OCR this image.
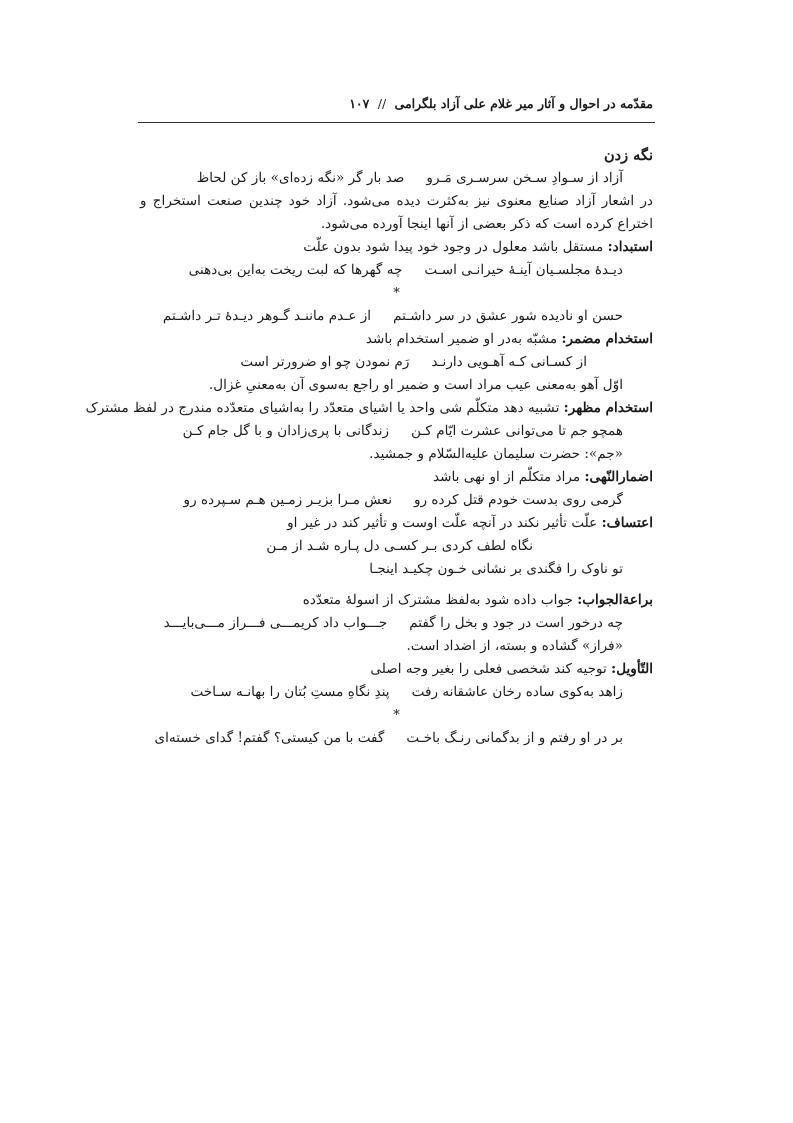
مقدّمه در احوال و آثار میر غلام علی آزاد بلگرامی // ۱۰۷
نگه زدن
آزاد از سـوادِ سـخن سرسـری مَـروصد بار گر «نگه زده‌ای» باز کن لحاظ
در اشعار آزاد صنایع معنوی نیز به‌کثرت دیده می‌شود. آزاد خود چندین صنعت استخراج و
اختراع کرده است که ذکر بعضی از آنها اینجا آورده می‌شود.
استبداد: مستقل باشد معلول در وجود خود پیدا شود بدون علّت
دیـدهٔ مجلسـیان آینـهٔ حیرانـی اسـتچه گهرها که لبت ریخت به‌این بی‌دهنی
*
حسن او نادیده شور عشق در سر داشـتماز عـدم ماننـد گـوهر دیـدهٔ تـر داشـتم
استخدام مضمر: مشبّه به‌در او ضمیر استخدام باشد
از کسـانی کـه آهـویی دارنـدرَم نمودن چو او ضرورتر است
اوّل آهو به‌معنی عیب مراد است و ضمیر او راجع به‌سوی آن به‌معنیِ غزال.
استخدام مظهر: تشبیه دهد متکلّم شی واحد یا اشیای متعدّد را به‌اشیای متعدّده مندرج در لفظ مشترک
همچو جم تا می‌توانی عشرت ایّام کـنزندگانی با پری‌زادان و با گل جام کـن
«جم»: حضرت سلیمان علیه‌السّلام و جمشید.
اضمارالنّهی: مراد متکلّم از او نهی باشد
گرمی روی بدست خودم قتل کرده رونعش مـرا بزیـر زمـین هـم سـپرده رو
اعتساف: علّت تأثیر نکند در آنچه علّت اوست و تأثیر کند در غیر او
نگاه لطف کردی بـر کسـی دل پـاره شـد از مـن
تو ناوک را فگندی بر نشانی خـون چکیـد اینجـا
براعةالجواب: جواب داده شود به‌لفظ مشترک از اسولهٔ متعدّده
چه درخور است در جود و بخل را گفتمجـــواب داد کریمـــی فـــراز مـــی‌بایـــد
«فراز» گشاده و بسته، از اضداد است.
التّأویل: توجیه کند شخصی فعلی را بغیر وجه اصلی
زاهد به‌کوی ساده رخان عاشقانه رفتپندِ نگاهِ مستِ بُتان را بهانـه سـاخت
*
بر در او رفتم و از بدگمانی رنـگ باخـتگفت با من کیستی؟ گفتم! گدای خسته‌ای
